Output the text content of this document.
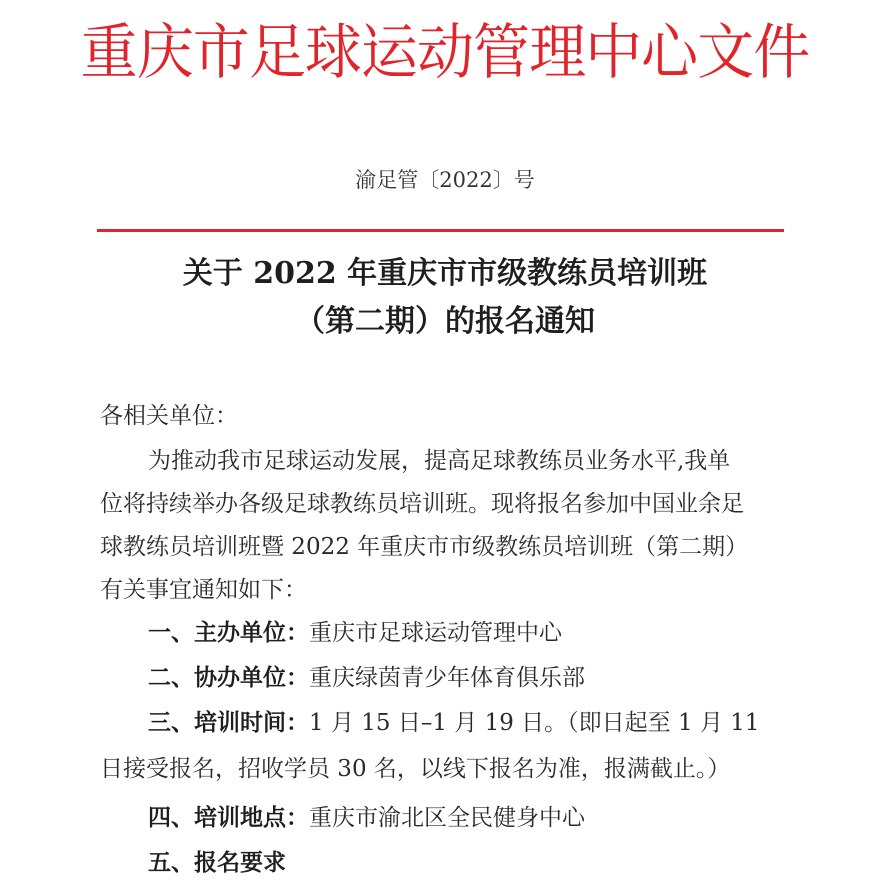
重庆市足球运动管理中心文件
渝足管〔2022〕号
关于 2022 年重庆市市级教练员培训班
（第二期）的报名通知
各相关单位：
为推动我市足球运动发展，提高足球教练员业务水平,我单
位将持续举办各级足球教练员培训班。现将报名参加中国业余足
球教练员培训班暨 2022 年重庆市市级教练员培训班（第二期）
有关事宜通知如下：
一、主办单位：重庆市足球运动管理中心
二、协办单位：重庆绿茵青少年体育俱乐部
三、培训时间：1 月 15 日–1 月 19 日。（即日起至 1 月 11
日接受报名，招收学员 30 名，以线下报名为准，报满截止。）
四、培训地点：重庆市渝北区全民健身中心
五、报名要求
